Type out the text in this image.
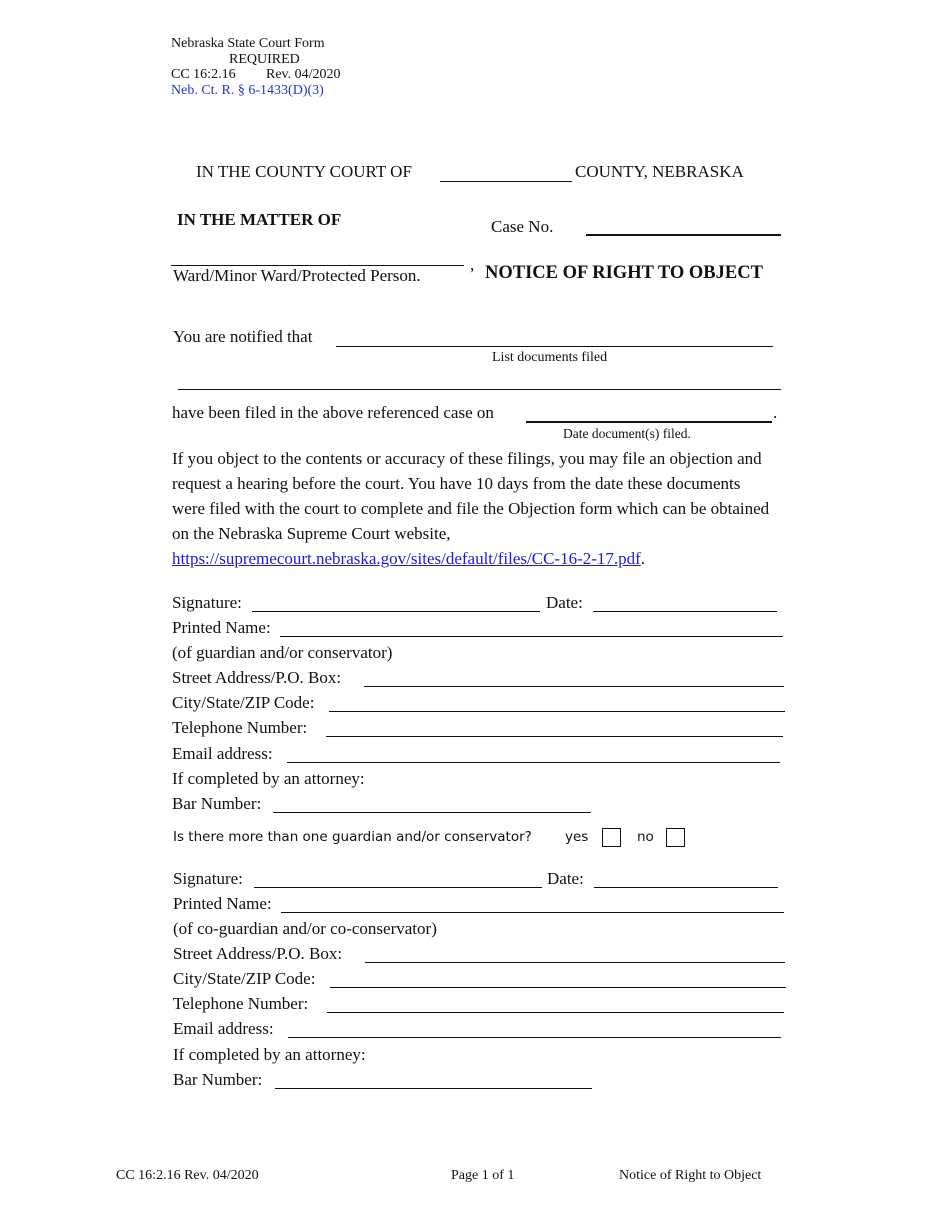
Nebraska State Court Form
REQUIRED
CC 16:2.16 Rev. 04/2020
Neb. Ct. R. § 6-1433(D)(3)
IN THE COUNTY COURT OF	COUNTY, NEBRASKA
IN THE MATTER OF	Case No.
,
Ward/Minor Ward/Protected Person.	NOTICE OF RIGHT TO OBJECT
You are notified that
List documents filed
have been filed in the above referenced case on	.
Date document(s) filed.
If you object to the contents or accuracy of these filings, you may file an objection and request a hearing before the court. You have 10 days from the date these documents were filed with the court to complete and file the Objection form which can be obtained on the Nebraska Supreme Court website, https://supremecourt.nebraska.gov/sites/default/files/CC-16-2-17.pdf.
Signature:	Date:
Printed Name:
(of guardian and/or conservator)
Street Address/P.O. Box:
City/State/ZIP Code:
Telephone Number:
Email address:
If completed by an attorney:
Bar Number:
Is there more than one guardian and/or conservator? yes	no
Signature:	Date:
Printed Name:
(of co-guardian and/or co-conservator)
Street Address/P.O. Box:
City/State/ZIP Code:
Telephone Number:
Email address:
If completed by an attorney:
Bar Number:
CC 16:2.16 Rev. 04/2020	Page 1 of 1	Notice of Right to Object
